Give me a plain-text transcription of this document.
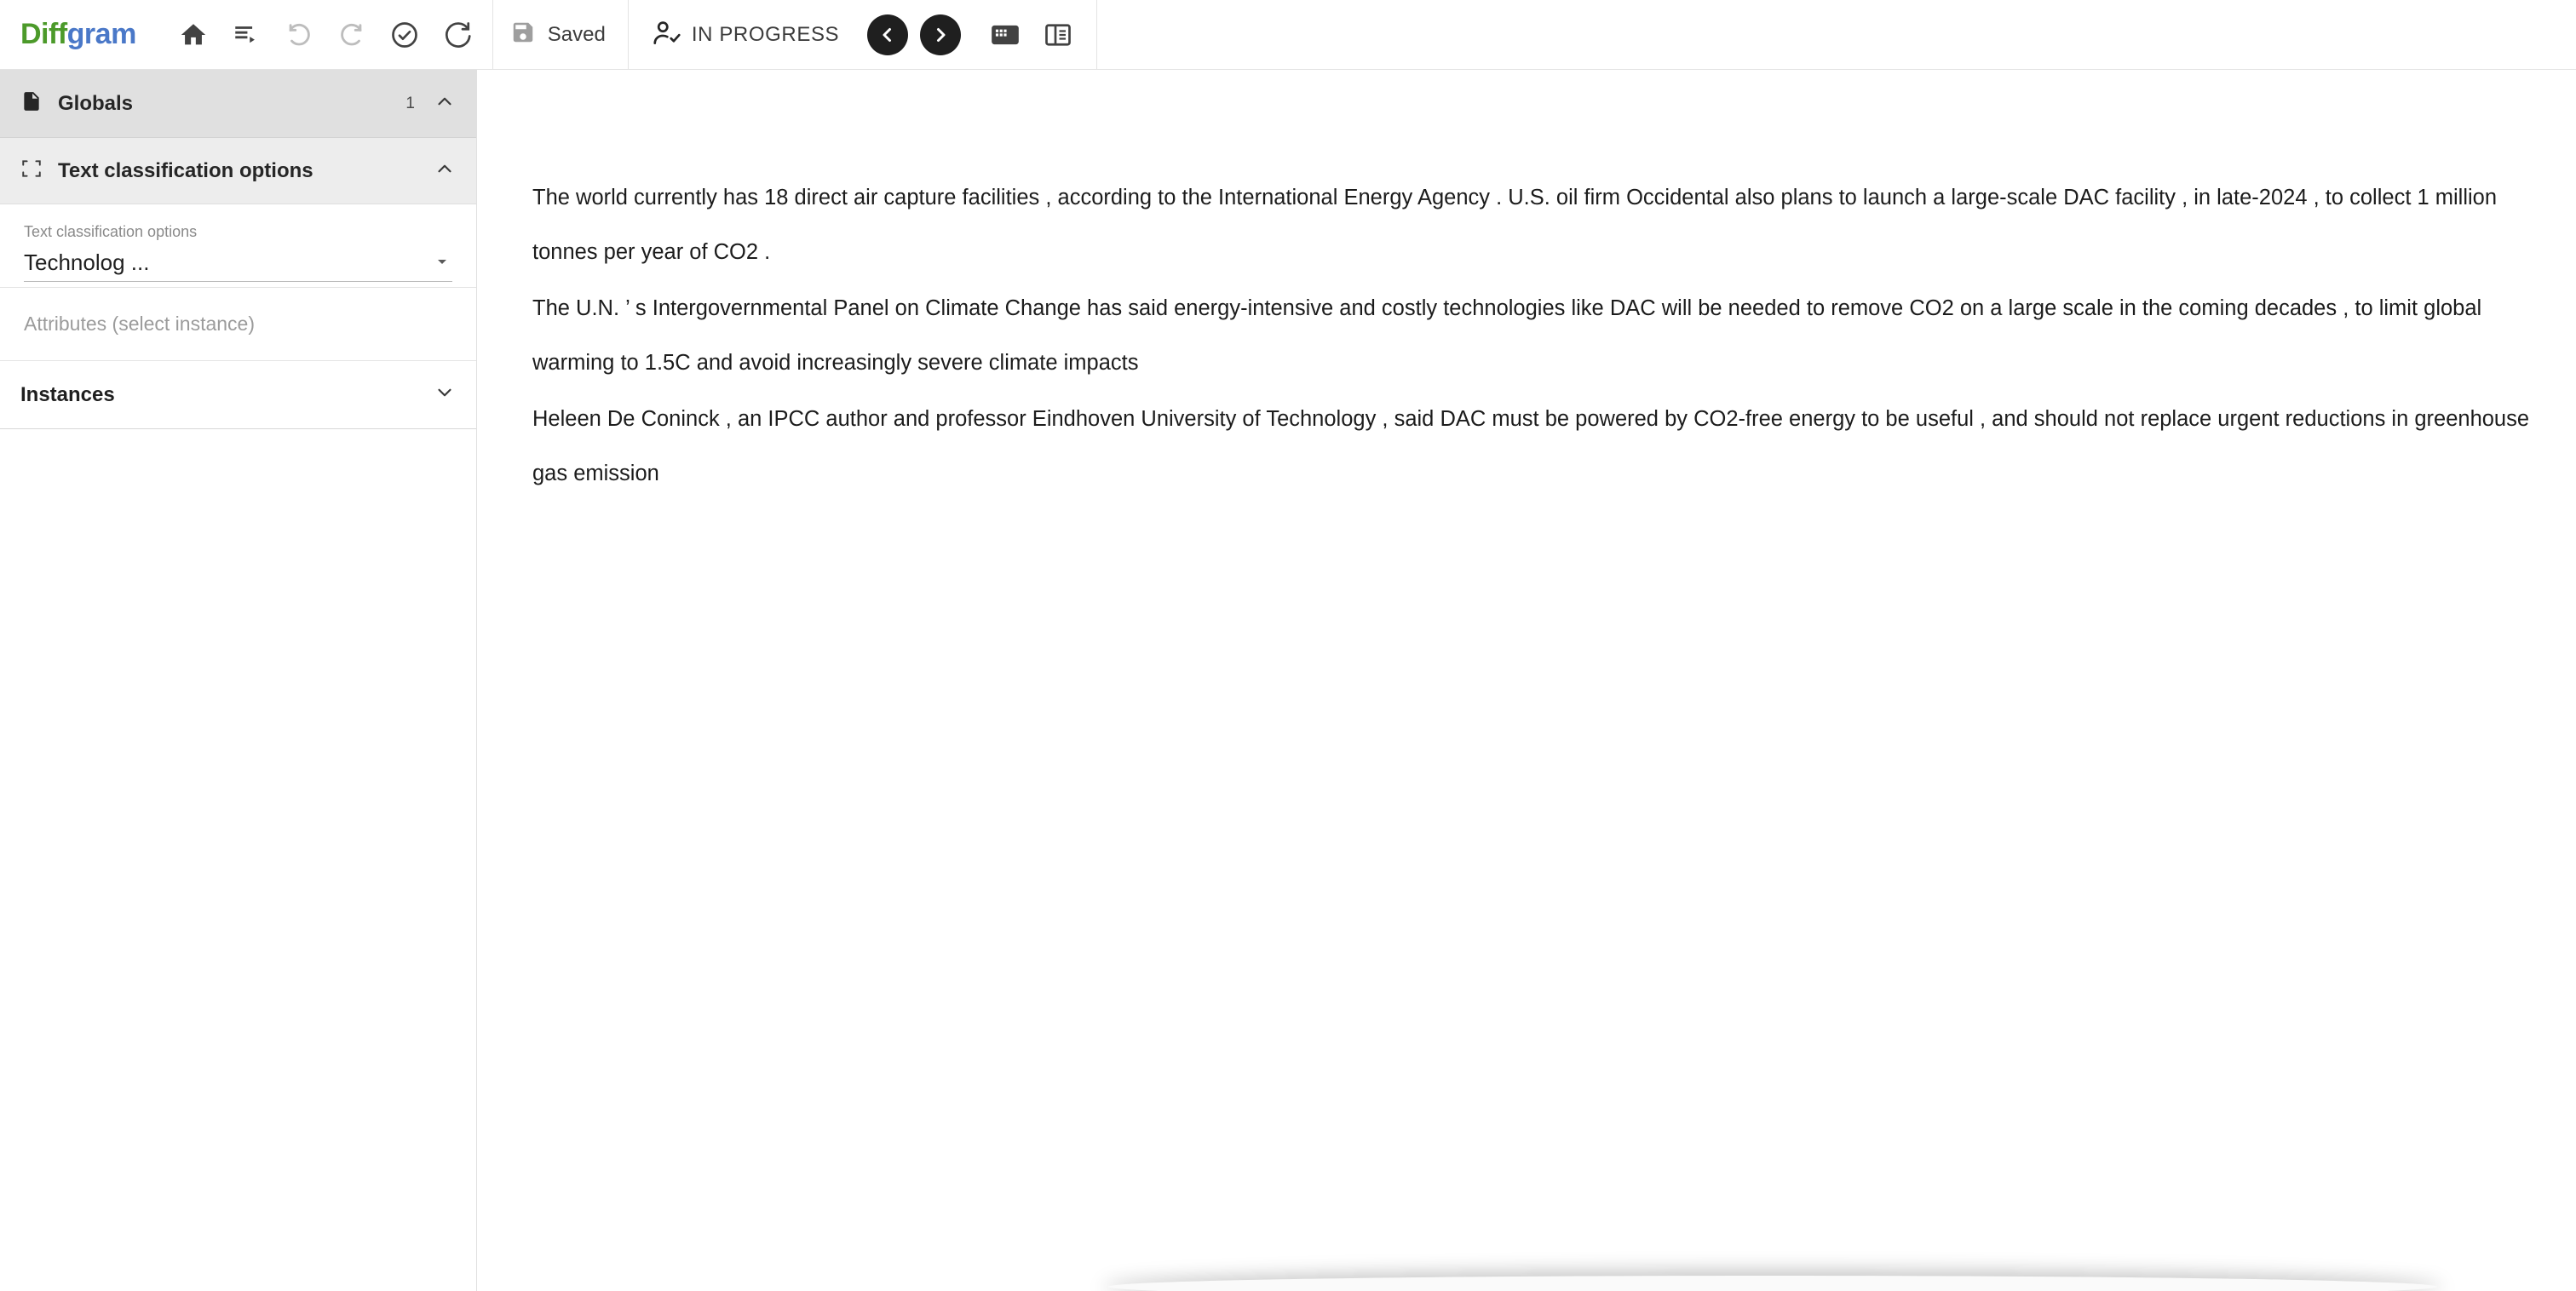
Diffgram	Saved	IN PROGRESS
Globals	1
Text classification options
Text classification options
Technolog ...
Attributes (select instance)
Instances

The world currently has 18 direct air capture facilities , according to the International Energy Agency . U.S. oil firm Occidental also plans to launch a large-scale DAC facility , in late-2024 , to collect 1 million tonnes per year of CO2 .

The U.N. ’ s Intergovernmental Panel on Climate Change has said energy-intensive and costly technologies like DAC will be needed to remove CO2 on a large scale in the coming decades , to limit global warming to 1.5C and avoid increasingly severe climate impacts

Heleen De Coninck , an IPCC author and professor Eindhoven University of Technology , said DAC must be powered by CO2-free energy to be useful , and should not replace urgent reductions in greenhouse gas emission
